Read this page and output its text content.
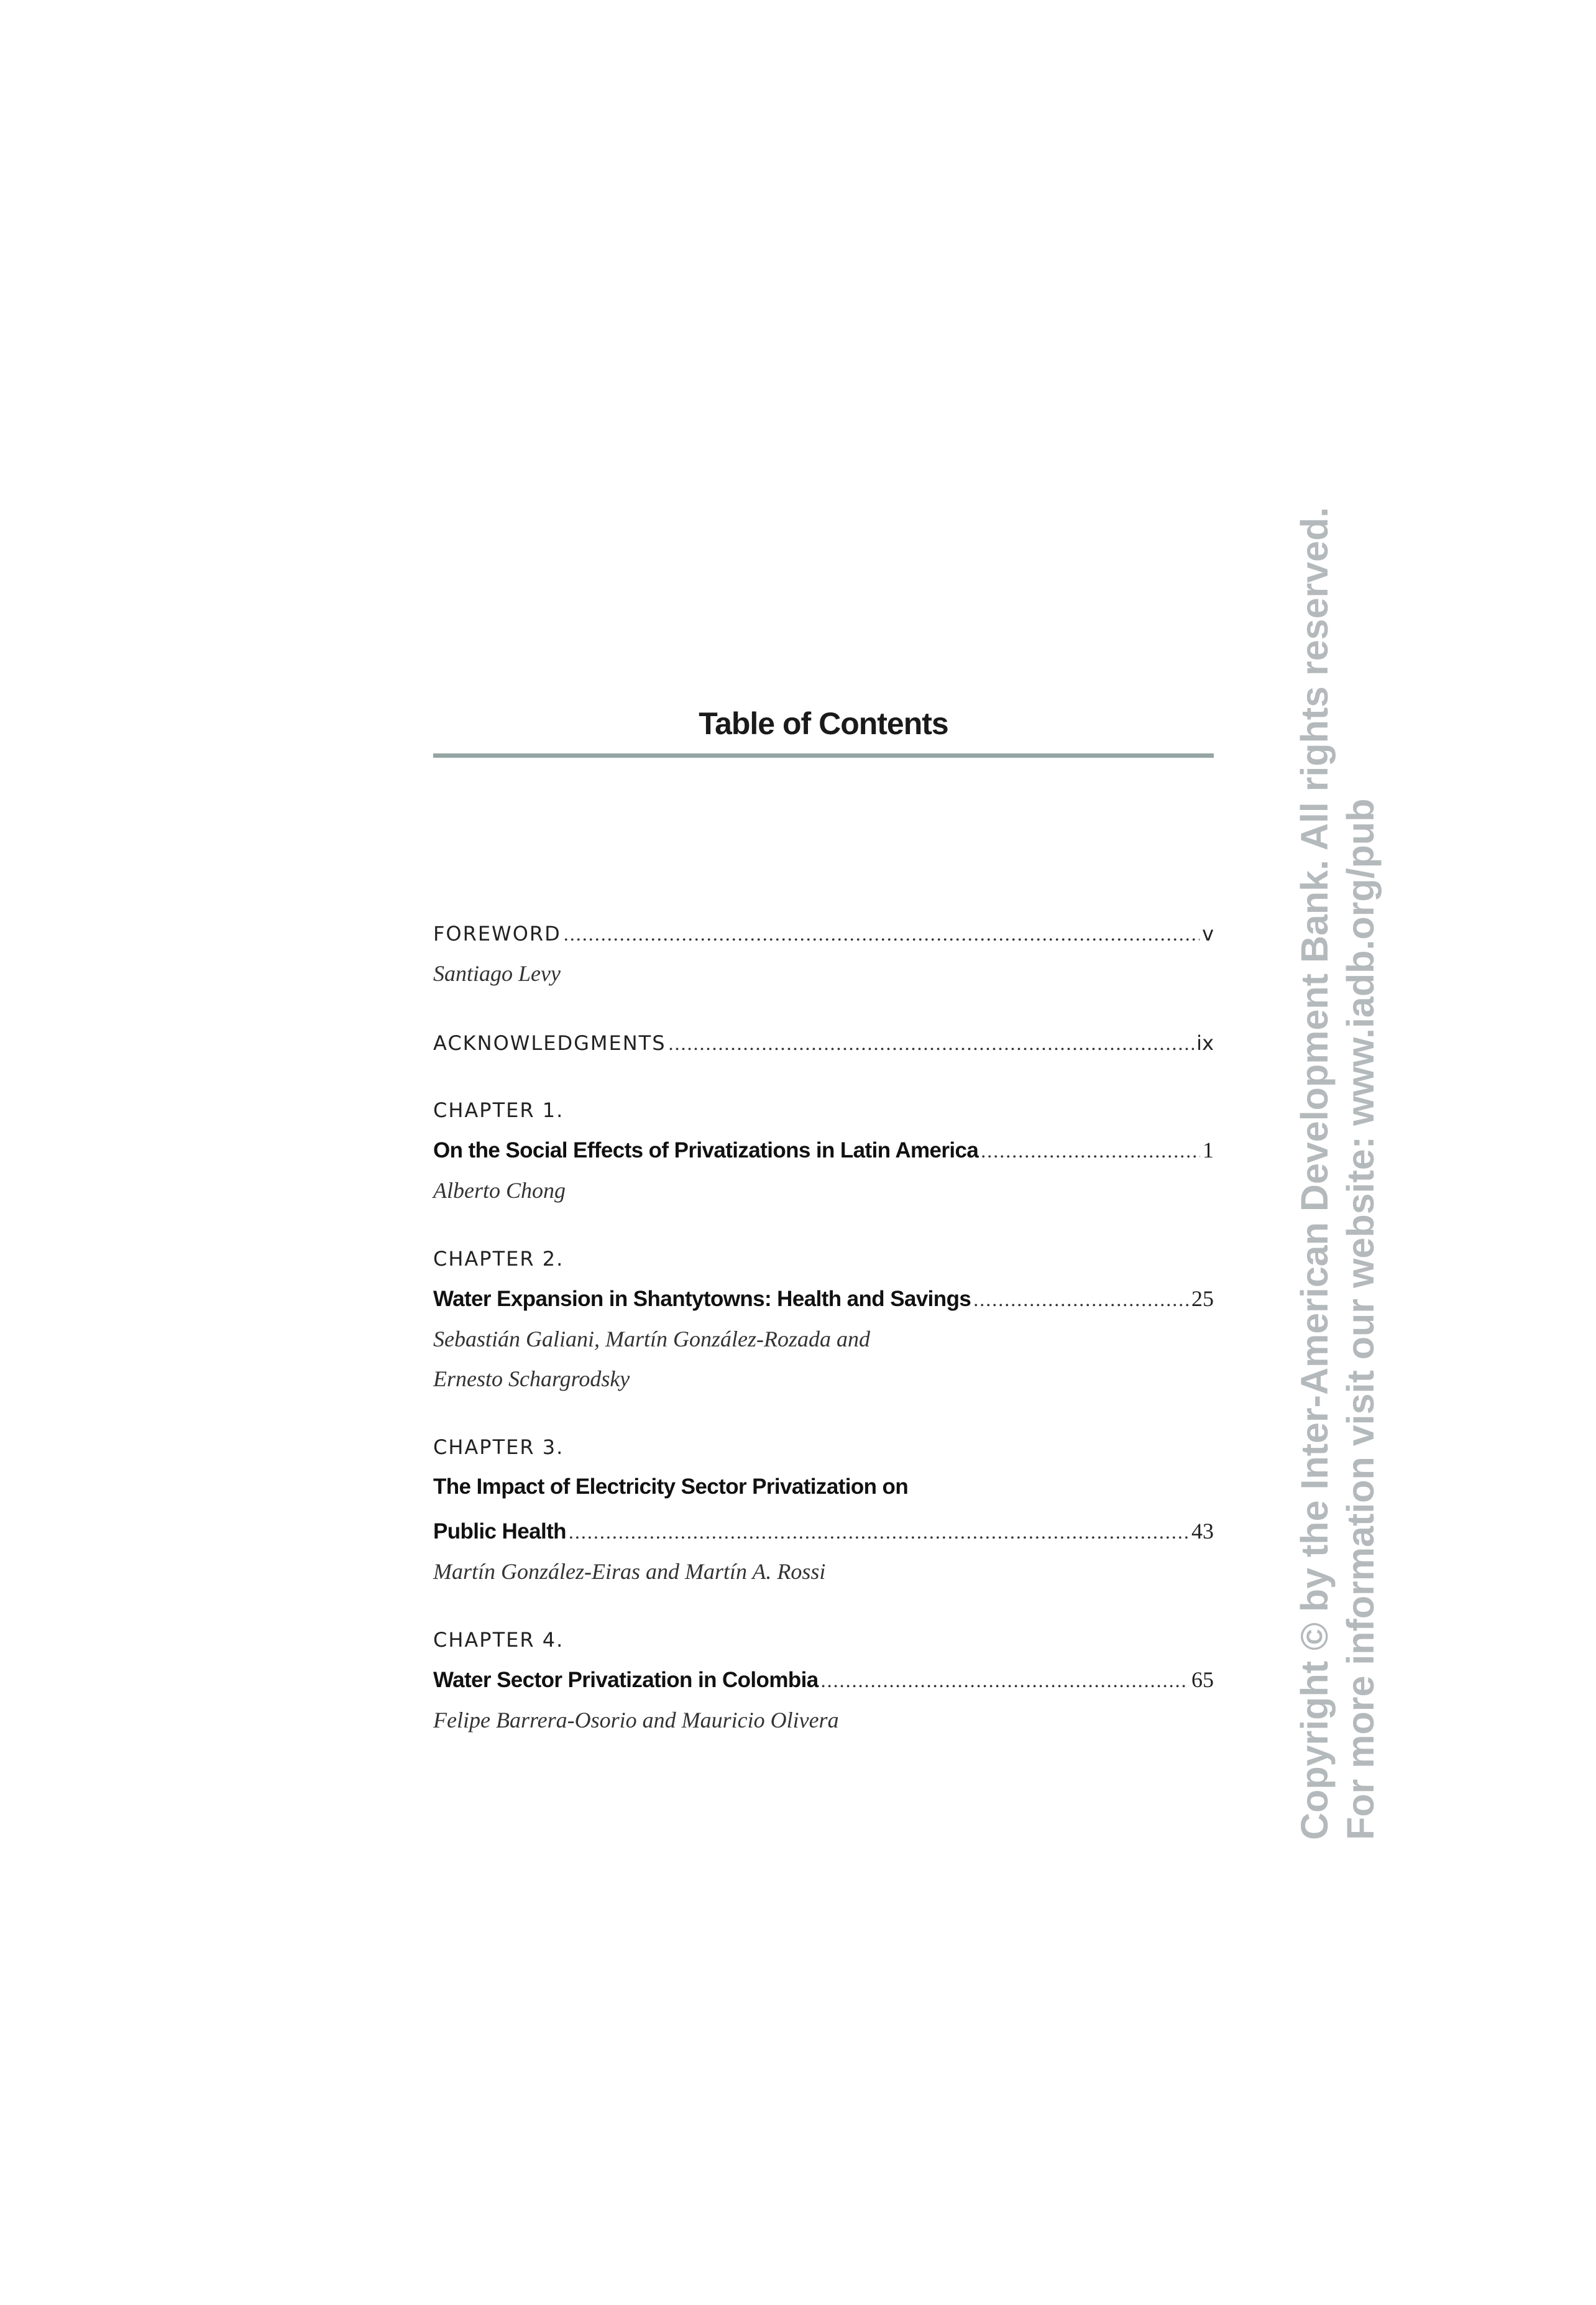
Table of Contents
FOREWORD .....	v
Santiago Levy
ACKNOWLEDGMENTS .....	ix
CHAPTER 1.
On the Social Effects of Privatizations in Latin America .....	1
Alberto Chong
CHAPTER 2.
Water Expansion in Shantytowns: Health and Savings .....	25
Sebastián Galiani, Martín González-Rozada and
Ernesto Schargrodsky
CHAPTER 3.
The Impact of Electricity Sector Privatization on
Public Health .....	43
Martín González-Eiras and Martín A. Rossi
CHAPTER 4.
Water Sector Privatization in Colombia .....	65
Felipe Barrera-Osorio and Mauricio Olivera	Copyright © by the Inter-American Development Bank. All rights reserved. For more information visit our website: www.iadb.org/pub
